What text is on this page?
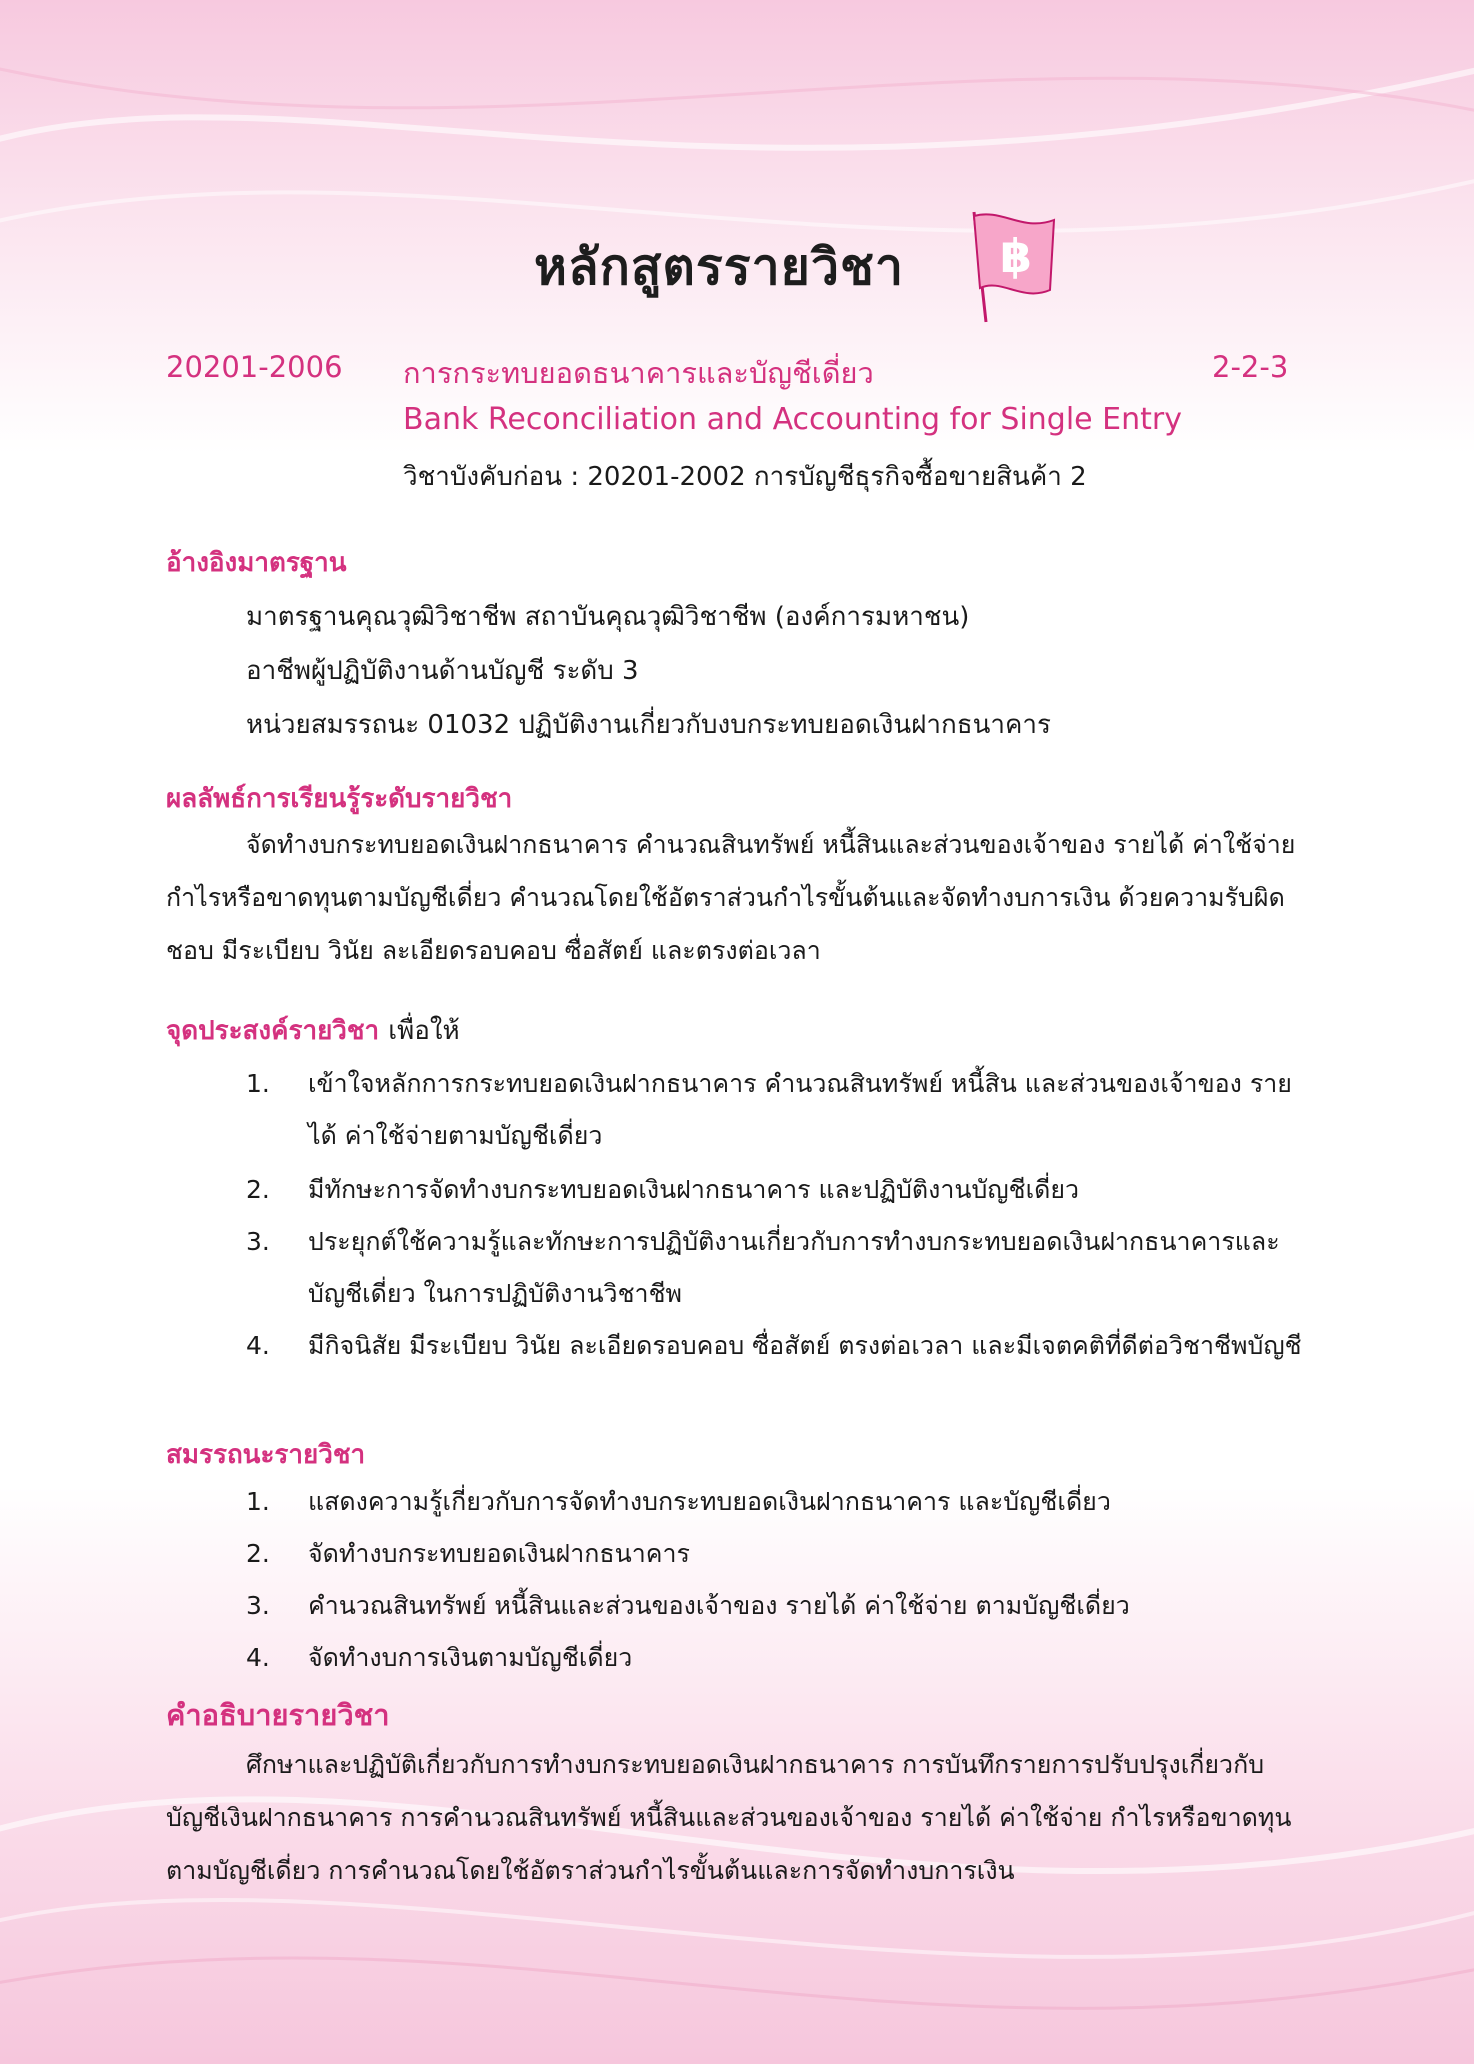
หลักสูตรรายวิชา ฿
20201-2006 การกระทบยอดธนาคารและบัญชีเดี่ยว	2-2-3
Bank Reconciliation and Accounting for Single Entry
วิชาบังคับก่อน : 20201-2002 การบัญชีธุรกิจซื้อขายสินค้า 2
อ้างอิงมาตรฐาน
มาตรฐานคุณวุฒิวิชาชีพ สถาบันคุณวุฒิวิชาชีพ (องค์การมหาชน)
อาชีพผู้ปฏิบัติงานด้านบัญชี ระดับ 3
หน่วยสมรรถนะ 01032 ปฏิบัติงานเกี่ยวกับงบกระทบยอดเงินฝากธนาคาร
ผลลัพธ์การเรียนรู้ระดับรายวิชา
จัดทำงบกระทบยอดเงินฝากธนาคาร คำนวณสินทรัพย์ หนี้สินและส่วนของเจ้าของ รายได้ ค่าใช้จ่าย กำไรหรือขาดทุนตามบัญชีเดี่ยว คำนวณโดยใช้อัตราส่วนกำไรขั้นต้นและจัดทำงบการเงิน ด้วยความรับผิดชอบ มีระเบียบ วินัย ละเอียดรอบคอบ ซื่อสัตย์ และตรงต่อเวลา
จุดประสงค์รายวิชา เพื่อให้
1.	เข้าใจหลักการกระทบยอดเงินฝากธนาคาร คำนวณสินทรัพย์ หนี้สิน และส่วนของเจ้าของ รายได้ ค่าใช้จ่ายตามบัญชีเดี่ยว
2.	มีทักษะการจัดทำงบกระทบยอดเงินฝากธนาคาร และปฏิบัติงานบัญชีเดี่ยว
3.	ประยุกต์ใช้ความรู้และทักษะการปฏิบัติงานเกี่ยวกับการทำงบกระทบยอดเงินฝากธนาคารและบัญชีเดี่ยว ในการปฏิบัติงานวิชาชีพ
4.	มีกิจนิสัย มีระเบียบ วินัย ละเอียดรอบคอบ ซื่อสัตย์ ตรงต่อเวลา และมีเจตคติที่ดีต่อวิชาชีพบัญชี
สมรรถนะรายวิชา
1.	แสดงความรู้เกี่ยวกับการจัดทำงบกระทบยอดเงินฝากธนาคาร และบัญชีเดี่ยว
2.	จัดทำงบกระทบยอดเงินฝากธนาคาร
3.	คำนวณสินทรัพย์ หนี้สินและส่วนของเจ้าของ รายได้ ค่าใช้จ่าย ตามบัญชีเดี่ยว
4.	จัดทำงบการเงินตามบัญชีเดี่ยว
คำอธิบายรายวิชา
ศึกษาและปฏิบัติเกี่ยวกับการทำงบกระทบยอดเงินฝากธนาคาร การบันทึกรายการปรับปรุงเกี่ยวกับบัญชีเงินฝากธนาคาร การคำนวณสินทรัพย์ หนี้สินและส่วนของเจ้าของ รายได้ ค่าใช้จ่าย กำไรหรือขาดทุนตามบัญชีเดี่ยว การคำนวณโดยใช้อัตราส่วนกำไรขั้นต้นและการจัดทำงบการเงิน
